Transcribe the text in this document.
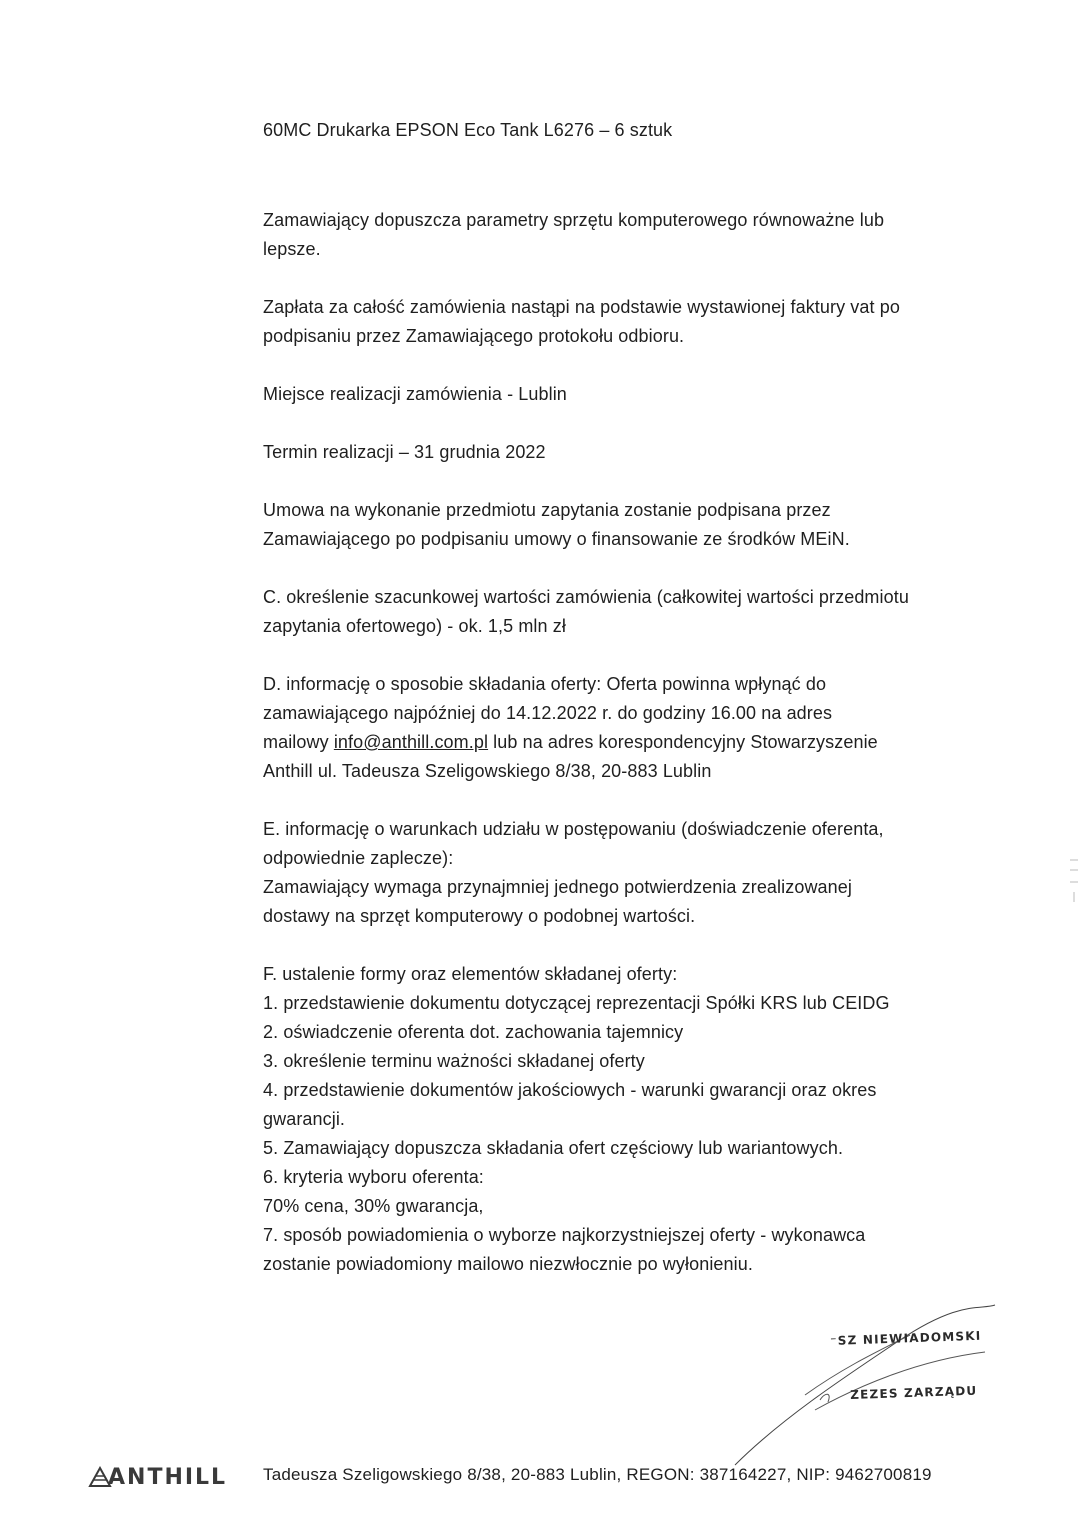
60MC Drukarka EPSON Eco Tank L6276 – 6 sztuk
Zamawiający dopuszcza parametry sprzętu komputerowego równoważne lub
lepsze.
Zapłata za całość zamówienia nastąpi na podstawie wystawionej faktury vat po
podpisaniu przez Zamawiającego protokołu odbioru.
Miejsce realizacji zamówienia - Lublin
Termin realizacji – 31 grudnia 2022
Umowa na wykonanie przedmiotu zapytania zostanie podpisana przez
Zamawiającego po podpisaniu umowy o finansowanie ze środków MEiN.
C. określenie szacunkowej wartości zamówienia (całkowitej wartości przedmiotu
zapytania ofertowego) - ok. 1,5 mln zł
D. informację o sposobie składania oferty: Oferta powinna wpłynąć do
zamawiającego najpóźniej do 14.12.2022 r. do godziny 16.00 na adres
mailowy info@anthill.com.pl lub na adres korespondencyjny Stowarzyszenie
Anthill ul. Tadeusza Szeligowskiego 8/38, 20-883 Lublin
E. informację o warunkach udziału w postępowaniu (doświadczenie oferenta,
odpowiednie zaplecze):
Zamawiający wymaga przynajmniej jednego potwierdzenia zrealizowanej
dostawy na sprzęt komputerowy o podobnej wartości.
F. ustalenie formy oraz elementów składanej oferty:
1. przedstawienie dokumentu dotyczącej reprezentacji Spółki KRS lub CEIDG
2. oświadczenie oferenta dot. zachowania tajemnicy
3. określenie terminu ważności składanej oferty
4. przedstawienie dokumentów jakościowych - warunki gwarancji oraz okres
gwarancji.
5. Zamawiający dopuszcza składania ofert częściowy lub wariantowych.
6. kryteria wyboru oferenta:
70% cena, 30% gwarancja,
7. sposób powiadomienia o wyborze najkorzystniejszej oferty - wykonawca
zostanie powiadomiony mailowo niezwłocznie po wyłonieniu.
⁻SZ NIEWIADOMSKI
ZEZES ZARZĄDU
ANTHILL Tadeusza Szeligowskiego 8/38, 20-883 Lublin, REGON: 387164227, NIP: 9462700819
